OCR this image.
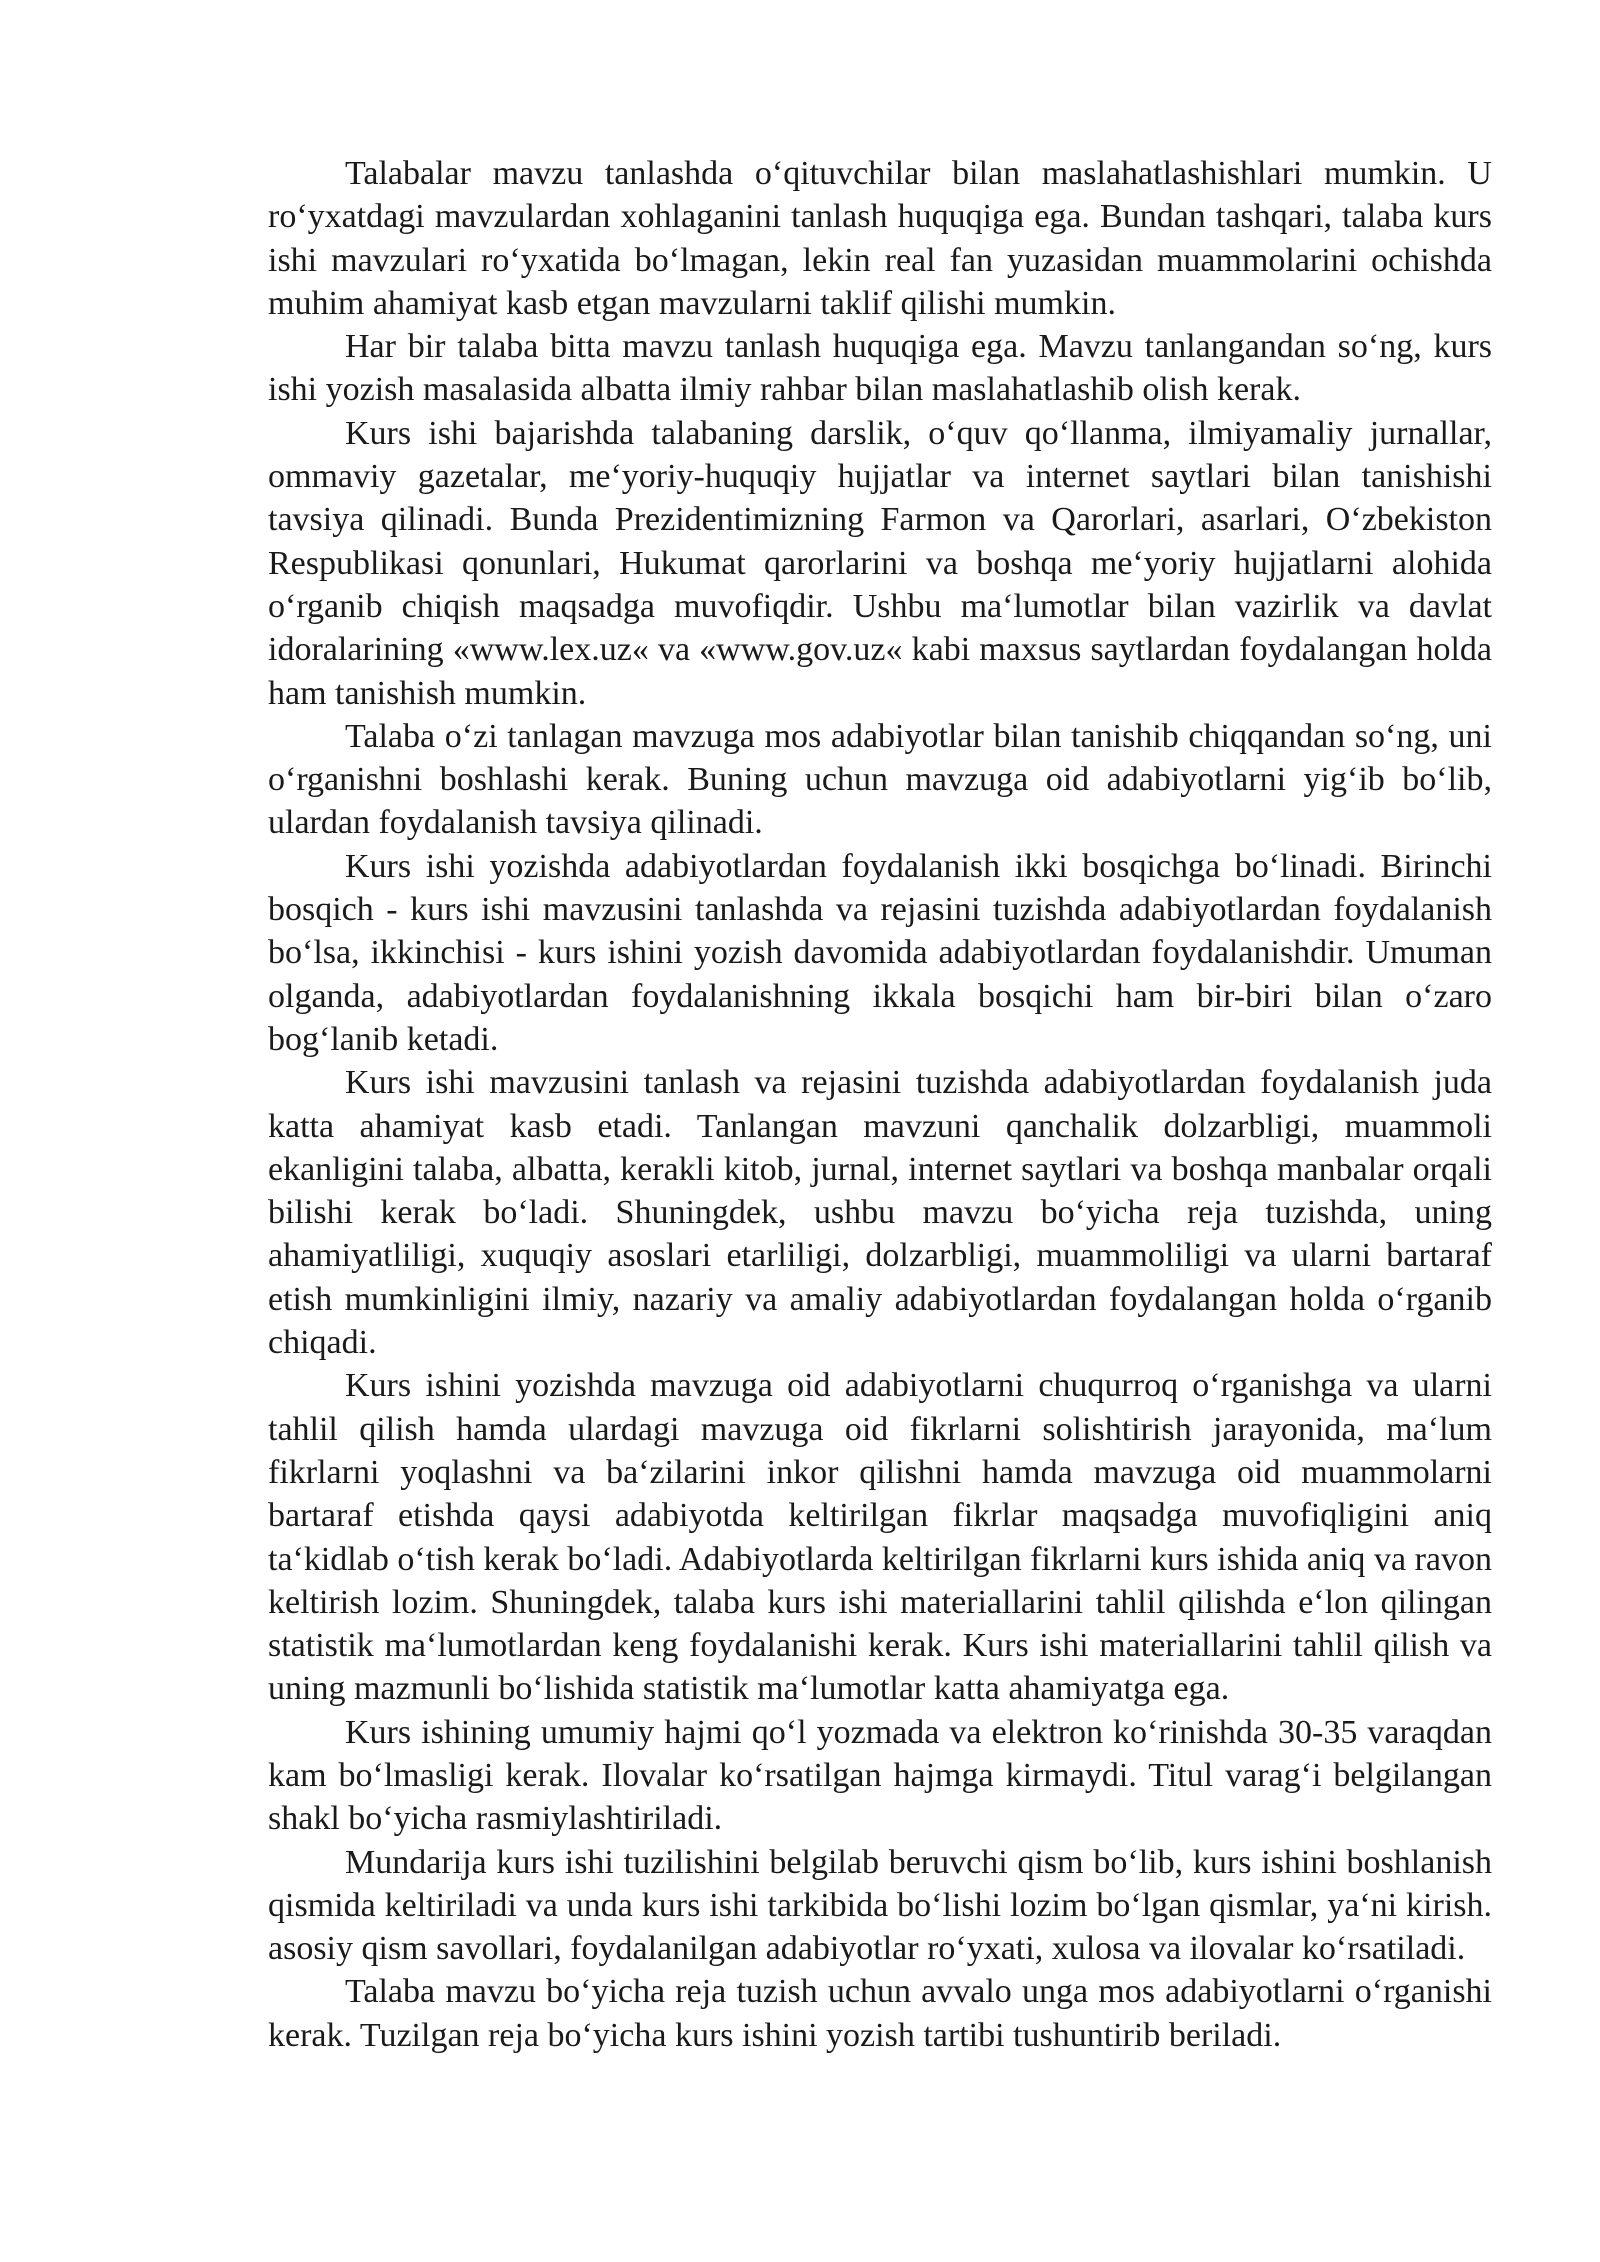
Talabalar mavzu tanlashda o‘qituvchilar bilan maslahatlashishlari mumkin. U ro‘yxatdagi mavzulardan xohlaganini tanlash huquqiga ega. Bundan tashqari, talaba kurs ishi mavzulari ro‘yxatida bo‘lmagan, lekin real fan yuzasidan muammolarini ochishda muhim ahamiyat kasb etgan mavzularni taklif qilishi mumkin.

Har bir talaba bitta mavzu tanlash huquqiga ega. Mavzu tanlangandan so‘ng, kurs ishi yozish masalasida albatta ilmiy rahbar bilan maslahatlashib olish kerak.

Kurs ishi bajarishda talabaning darslik, o‘quv qo‘llanma, ilmiyamaliy jurnallar, ommaviy gazetalar, me‘yoriy-huquqiy hujjatlar va internet saytlari bilan tanishishi tavsiya qilinadi. Bunda Prezidentimizning Farmon va Qarorlari, asarlari, O‘zbekiston Respublikasi qonunlari, Hukumat qarorlarini va boshqa me‘yoriy hujjatlarni alohida o‘rganib chiqish maqsadga muvofiqdir. Ushbu ma‘lumotlar bilan vazirlik va davlat idoralarining «www.lex.uz« va «www.gov.uz« kabi maxsus saytlardan foydalangan holda ham tanishish mumkin.

Talaba o‘zi tanlagan mavzuga mos adabiyotlar bilan tanishib chiqqandan so‘ng, uni o‘rganishni boshlashi kerak. Buning uchun mavzuga oid adabiyotlarni yig‘ib bo‘lib, ulardan foydalanish tavsiya qilinadi.

Kurs ishi yozishda adabiyotlardan foydalanish ikki bosqichga bo‘linadi. Birinchi bosqich - kurs ishi mavzusini tanlashda va rejasini tuzishda adabiyotlardan foydalanish bo‘lsa, ikkinchisi - kurs ishini yozish davomida adabiyotlardan foydalanishdir. Umuman olganda, adabiyotlardan foydalanishning ikkala bosqichi ham bir-biri bilan o‘zaro bog‘lanib ketadi.

Kurs ishi mavzusini tanlash va rejasini tuzishda adabiyotlardan foydalanish juda katta ahamiyat kasb etadi. Tanlangan mavzuni qanchalik dolzarbligi, muammoli ekanligini talaba, albatta, kerakli kitob, jurnal, internet saytlari va boshqa manbalar orqali bilishi kerak bo‘ladi. Shuningdek, ushbu mavzu bo‘yicha reja tuzishda, uning ahamiyatliligi, xuquqiy asoslari etarliligi, dolzarbligi, muammoliligi va ularni bartaraf etish mumkinligini ilmiy, nazariy va amaliy adabiyotlardan foydalangan holda o‘rganib chiqadi.

Kurs ishini yozishda mavzuga oid adabiyotlarni chuqurroq o‘rganishga va ularni tahlil qilish hamda ulardagi mavzuga oid fikrlarni solishtirish jarayonida, ma‘lum fikrlarni yoqlashni va ba‘zilarini inkor qilishni hamda mavzuga oid muammolarni bartaraf etishda qaysi adabiyotda keltirilgan fikrlar maqsadga muvofiqligini aniq ta‘kidlab o‘tish kerak bo‘ladi. Adabiyotlarda keltirilgan fikrlarni kurs ishida aniq va ravon keltirish lozim. Shuningdek, talaba kurs ishi materiallarini tahlil qilishda e‘lon qilingan statistik ma‘lumotlardan keng foydalanishi kerak. Kurs ishi materiallarini tahlil qilish va uning mazmunli bo‘lishida statistik ma‘lumotlar katta ahamiyatga ega.

Kurs ishining umumiy hajmi qo‘l yozmada va elektron ko‘rinishda 30-35 varaqdan kam bo‘lmasligi kerak. Ilovalar ko‘rsatilgan hajmga kirmaydi. Titul varag‘i belgilangan shakl bo‘yicha rasmiylashtiriladi.

Mundarija kurs ishi tuzilishini belgilab beruvchi qism bo‘lib, kurs ishini boshlanish qismida keltiriladi va unda kurs ishi tarkibida bo‘lishi lozim bo‘lgan qismlar, ya‘ni kirish. asosiy qism savollari, foydalanilgan adabiyotlar ro‘yxati, xulosa va ilovalar ko‘rsatiladi.

Talaba mavzu bo‘yicha reja tuzish uchun avvalo unga mos adabiyotlarni o‘rganishi kerak. Tuzilgan reja bo‘yicha kurs ishini yozish tartibi tushuntirib beriladi.
